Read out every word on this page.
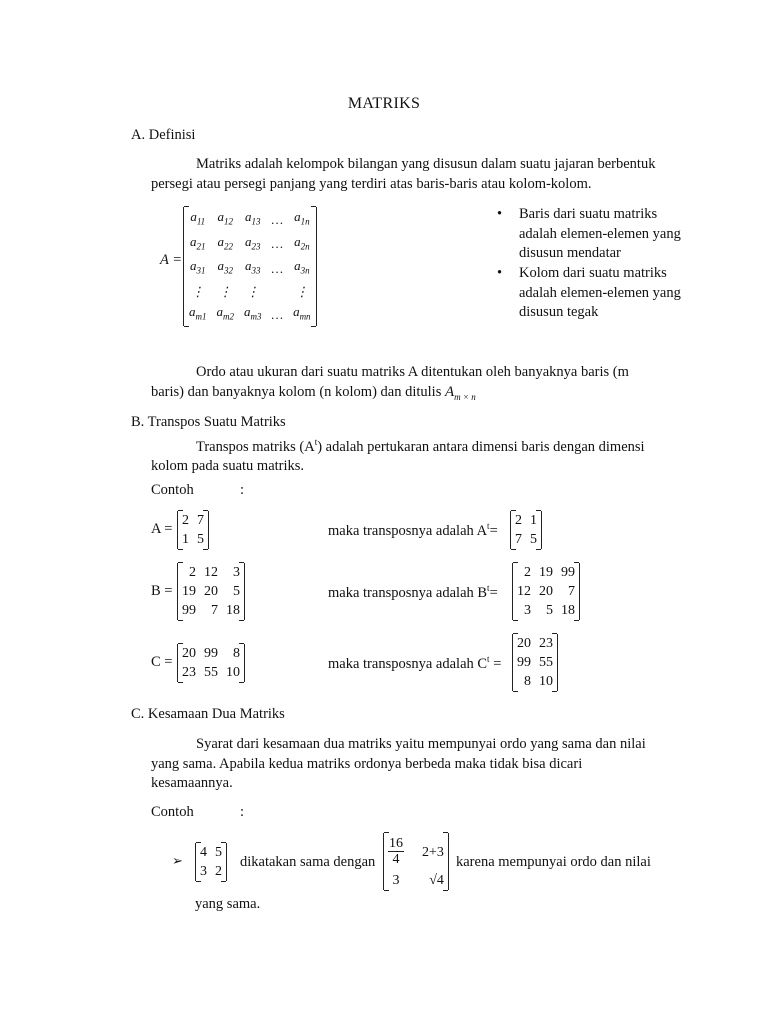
MATRIKS
A. Definisi
Matriks adalah kelompok bilangan yang disusun dalam suatu jajaran berbentuk persegi atau persegi panjang yang terdiri atas baris-baris atau kolom-kolom.
A =
$a_{11}$	$a_{12}$	$a_{13}$	…	$a_{1n}$
$a_{21}$	$a_{22}$	$a_{23}$	…	$a_{2n}$
$a_{31}$	$a_{32}$	$a_{33}$	…	$a_{3n}$
⋮	⋮	⋮		⋮
$a_{m1}$	$a_{m2}$	$a_{m3}$	…	$a_{mn}$
• Baris dari suatu matriks adalah elemen-elemen yang disusun mendatar
• Kolom dari suatu matriks adalah elemen-elemen yang disusun tegak
Ordo atau ukuran dari suatu matriks A ditentukan oleh banyaknya baris (m baris) dan banyaknya kolom (n kolom) dan ditulis $A_{m \times n}$
B. Transpos Suatu Matriks
Transpos matriks $(A^t)$ adalah pertukaran antara dimensi baris dengan dimensi kolom pada suatu matriks.
Contoh	:
A =
2	7
1	5
maka transposnya adalah $A^t=$
2	1
7	5
B =
2	12	3
19	20	5
99	7	18
maka transposnya adalah $B^t=$
2	19	99
12	20	7
3	5	18
C =
20	99	8
23	55	10
maka transposnya adalah $C^t$ =
20	23
99	55
8	10
C. Kesamaan Dua Matriks
Syarat dari kesamaan dua matriks yaitu mempunyai ordo yang sama dan nilai yang sama. Apabila kedua matriks ordonya berbeda maka tidak bisa dicari kesamaannya.
Contoh	:
➢
4	5
3	2
dikatakan sama dengan $\frac{16}{4}$	2+3
3	√4
karena mempunyai ordo dan nilai
yang sama.
